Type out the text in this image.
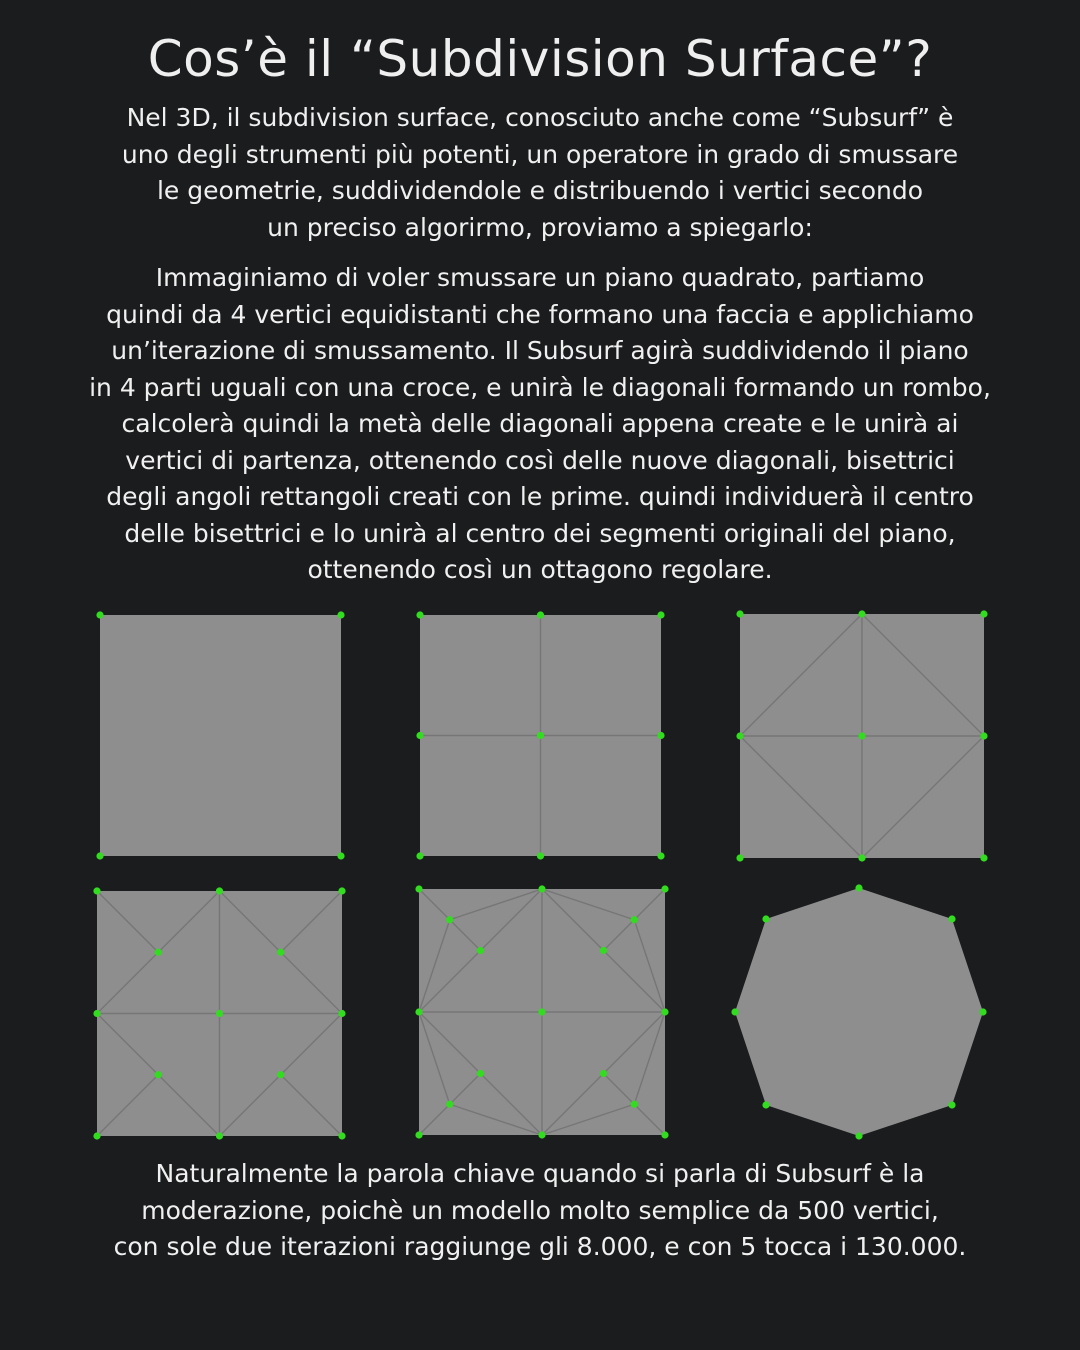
Cos’è il “Subdivision Surface”?

Nel 3D, il subdivision surface, conosciuto anche come “Subsurf” è
uno degli strumenti più potenti, un operatore in grado di smussare
le geometrie, suddividendole e distribuendo i vertici secondo
un preciso algorirmo, proviamo a spiegarlo:

Immaginiamo di voler smussare un piano quadrato, partiamo
quindi da 4 vertici equidistanti che formano una faccia e applichiamo
un’iterazione di smussamento. Il Subsurf agirà suddividendo il piano
in 4 parti uguali con una croce, e unirà le diagonali formando un rombo,
calcolerà quindi la metà delle diagonali appena create e le unirà ai
vertici di partenza, ottenendo così delle nuove diagonali, bisettrici
degli angoli rettangoli creati con le prime. quindi individuerà il centro
delle bisettrici e lo unirà al centro dei segmenti originali del piano,
ottenendo così un ottagono regolare.

Naturalmente la parola chiave quando si parla di Subsurf è la
moderazione, poichè un modello molto semplice da 500 vertici,
con sole due iterazioni raggiunge gli 8.000, e con 5 tocca i 130.000.
